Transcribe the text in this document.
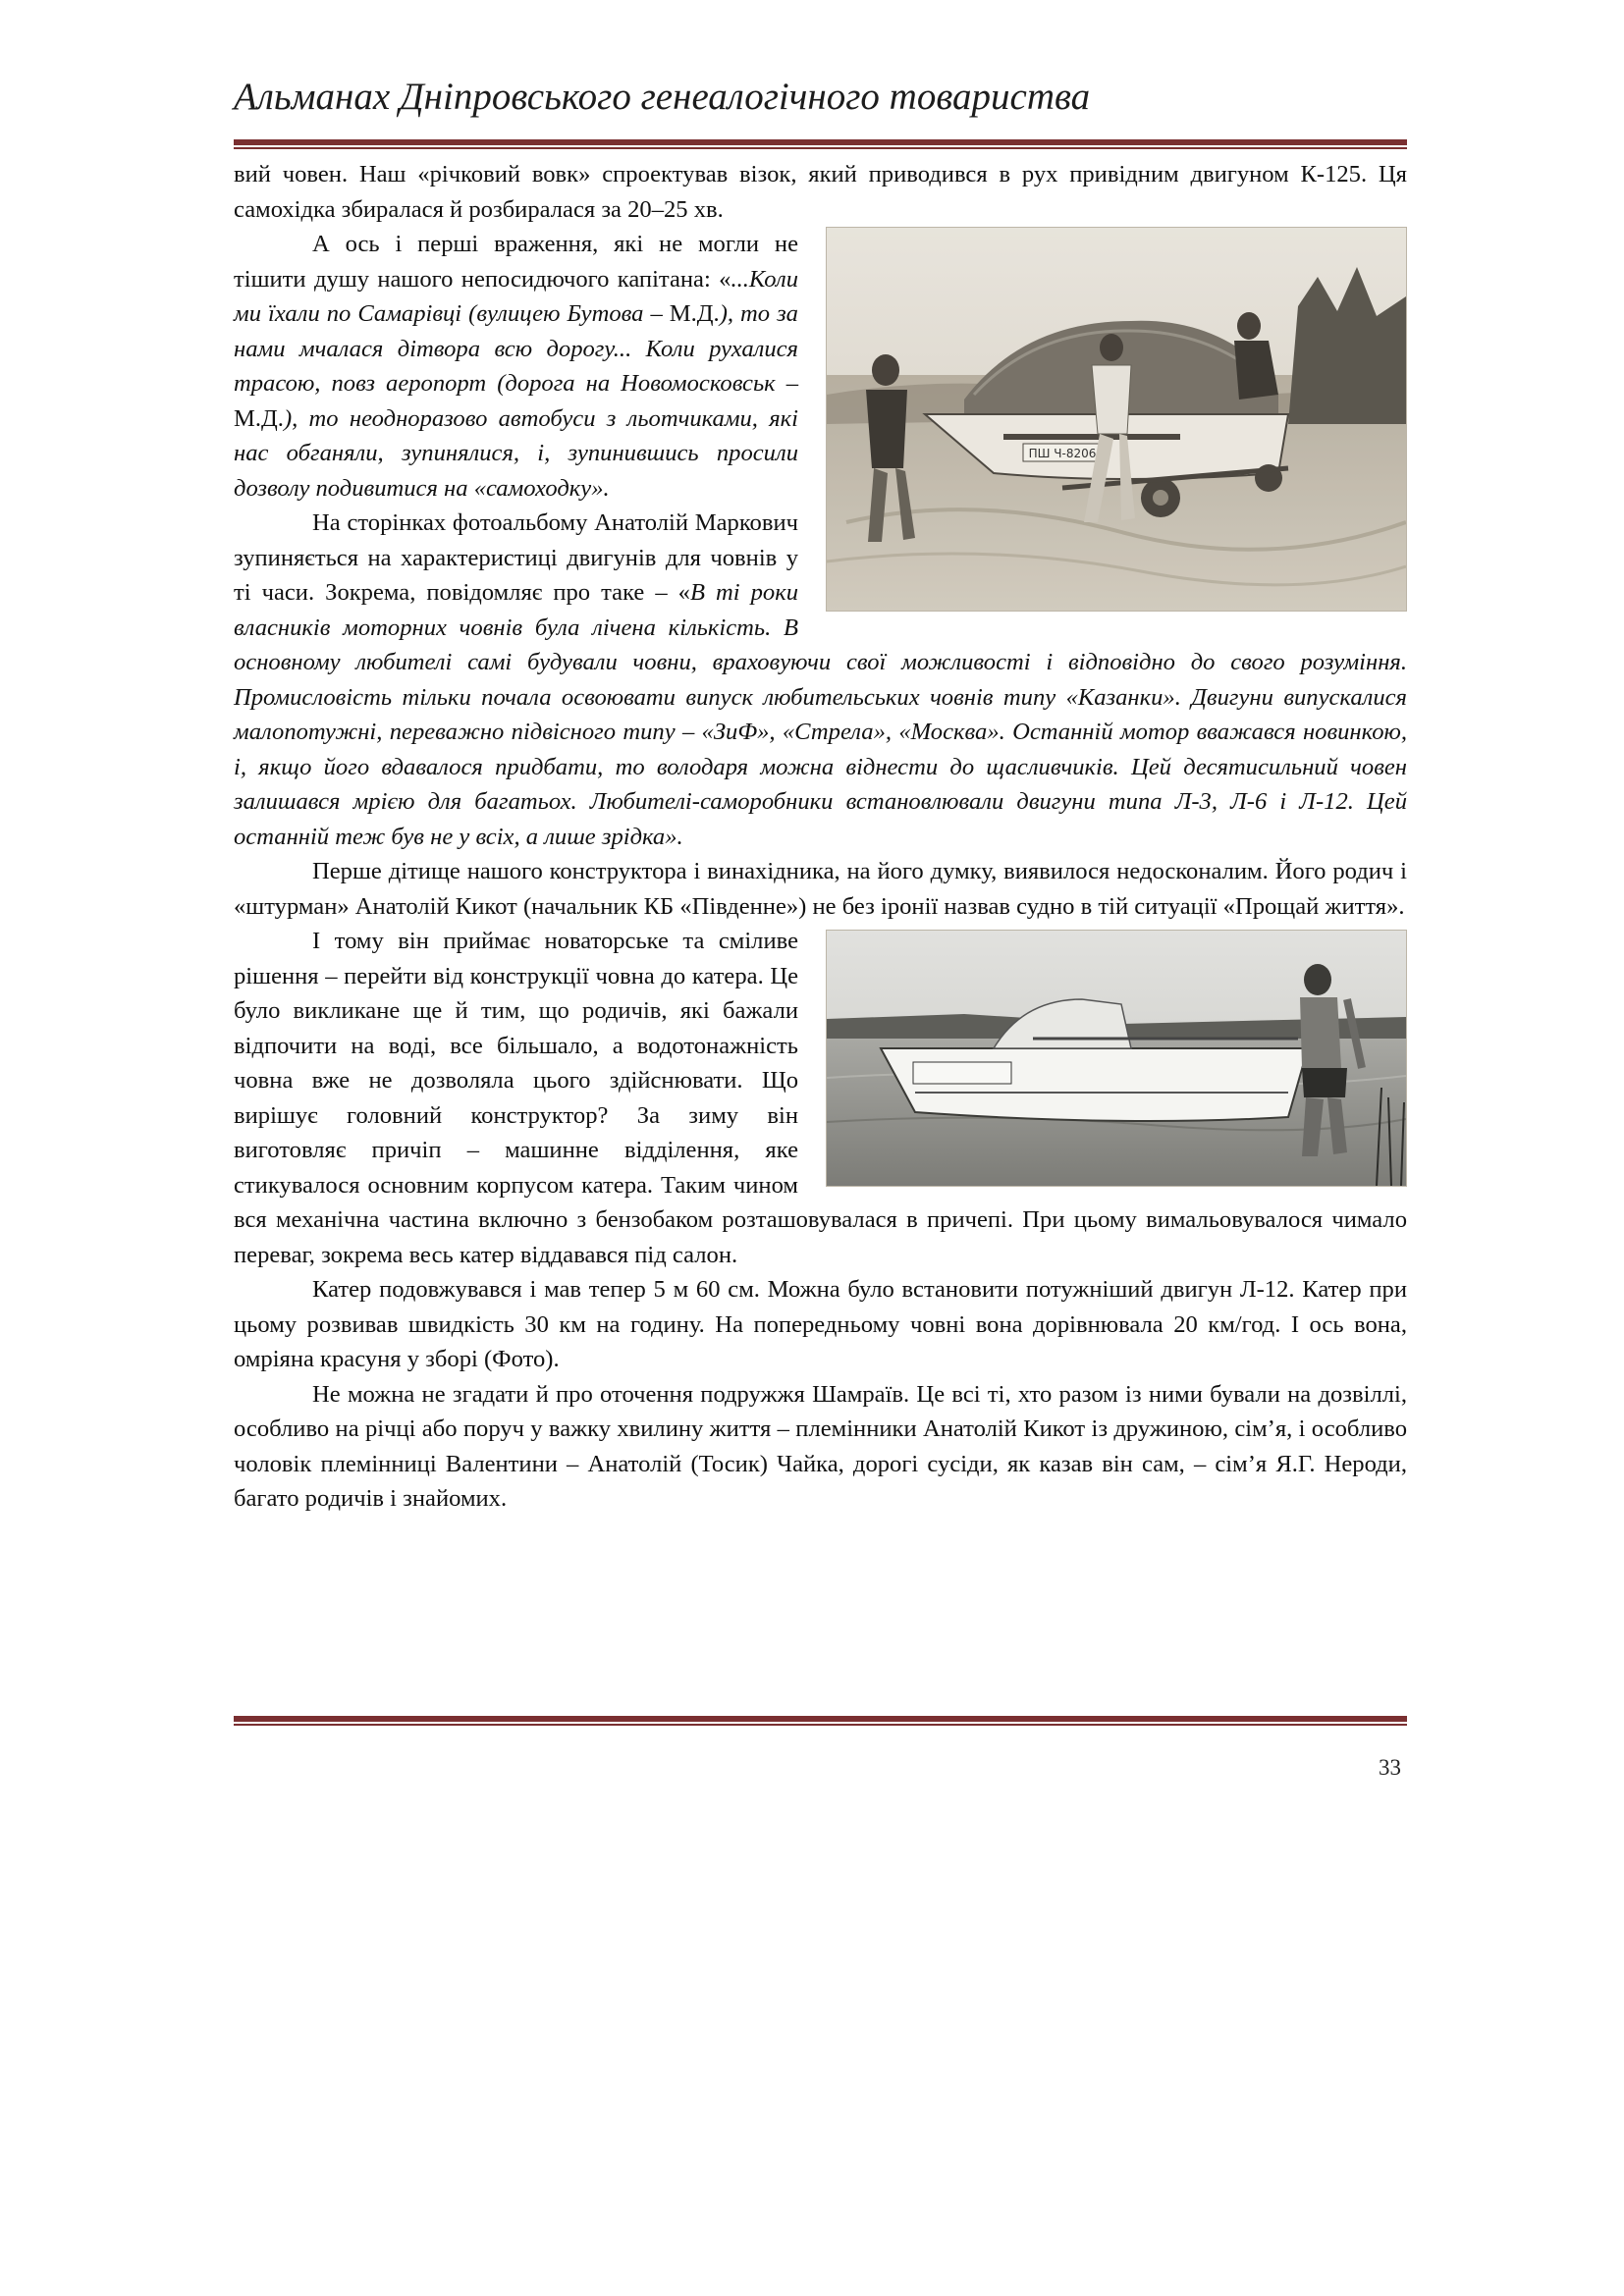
Альманах Дніпровського генеалогічного товариства

вий човен. Наш «річковий вовк» спроектував візок, який приводився в рух привідним двигуном К-125. Ця самохідка збиралася й розбиралася за 20–25 хв.

ПШ Ч-8206

А ось і перші враження, які не могли не тішити душу нашого непосидючого капітана: «...Коли ми їхали по Самарівці (вулицею Бутова – М.Д.), то за нами мчалася дітвора всю дорогу... Коли рухалися трасою, повз аеропорт (дорога на Новомосковськ – М.Д.), то неодноразово автобуси з льотчиками, які нас обганяли, зупинялися, і, зупинившись просили дозволу подивитися на «самоходку».

На сторінках фотоальбому Анатолій Маркович зупиняється на характеристиці двигунів для човнів у ті часи. Зокрема, повідомляє про таке – «В ті роки власників моторних човнів була лічена кількість. В основному любителі самі будували човни, враховуючи свої можливості і відповідно до свого розуміння. Промисловість тільки почала освоювати випуск любительських човнів типу «Казанки». Двигуни випускалися малопотужні, переважно підвісного типу – «ЗиФ», «Стрела», «Москва». Останній мотор вважався новинкою, і, якщо його вдавалося придбати, то володаря можна віднести до щасливчиків. Цей десятисильний човен залишався мрією для багатьох. Любителі-саморобники встановлювали двигуни типа Л-3, Л-6 і Л-12. Цей останній теж був не у всіх, а лише зрідка».

Перше дітище нашого конструктора і винахідника, на його думку, виявилося недосконалим. Його родич і «штурман» Анатолій Кикот (начальник КБ «Південне») не без іронії назвав судно в тій ситуації «Прощай життя».

І тому він приймає новаторське та сміливе рішення – перейти від конструкції човна до катера. Це було викликане ще й тим, що родичів, які бажали відпочити на воді, все більшало, а водотонажність човна вже не дозволяла цього здійснювати. Що вирішує головний конструктор? За зиму він виготовляє причіп – машинне відділення, яке стикувалося основним корпусом катера. Таким чином вся механічна частина включно з бензобаком розташовувалася в причепі. При цьому вимальовувалося чимало переваг, зокрема весь катер віддавався під салон.

Катер подовжувався і мав тепер 5 м 60 см. Можна було встановити потужніший двигун Л-12. Катер при цьому розвивав швидкість 30 км на годину. На попередньому човні вона дорівнювала 20 км/год. І ось вона, омріяна красуня у зборі (Фото).

Не можна не згадати й про оточення подружжя Шамраїв. Це всі ті, хто разом із ними бували на дозвіллі, особливо на річці або поруч у важку хвилину життя – племінники Анатолій Кикот із дружиною, сім’я, і особливо чоловік племінниці Валентини – Анатолій (Тосик) Чайка, дорогі сусіди, як казав він сам, – сім’я Я.Г. Нероди, багато родичів і знайомих.

33
